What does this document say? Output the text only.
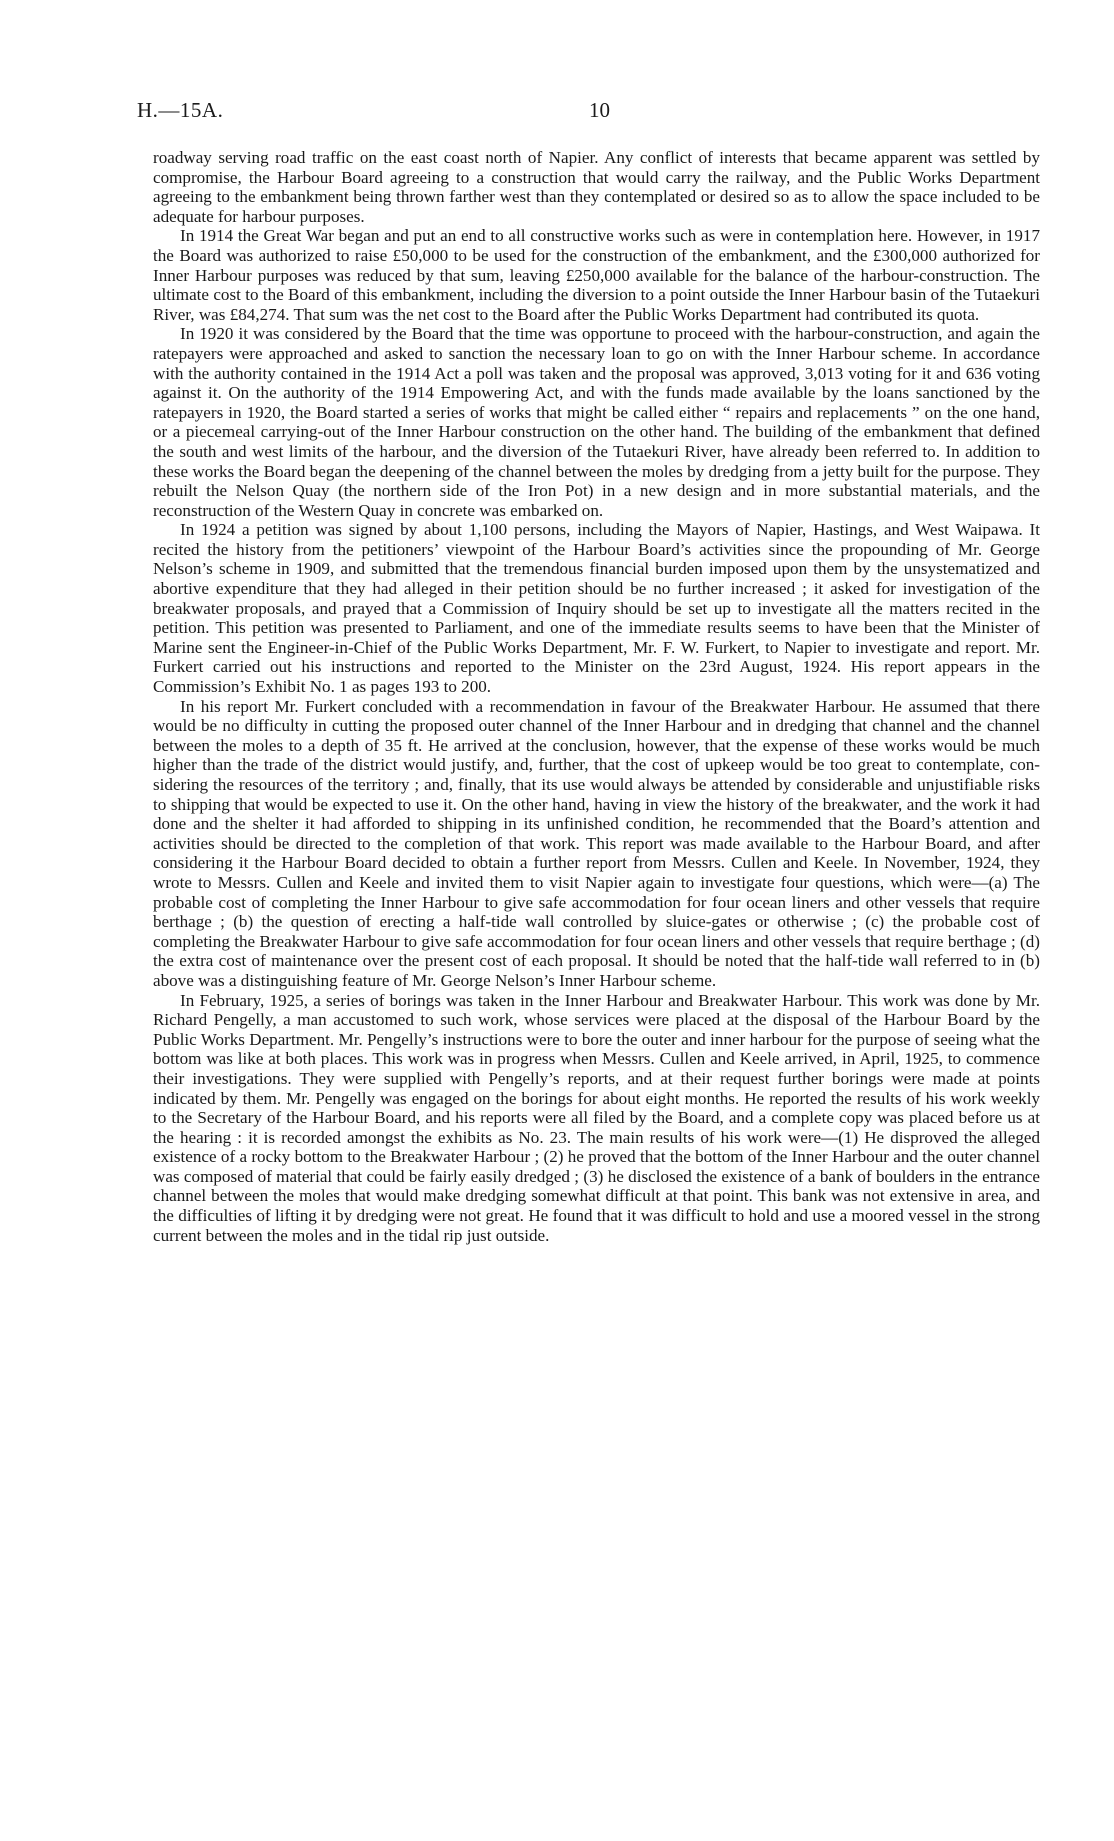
H.—15A.	10

roadway serving road traffic on the east coast north of Napier. Any conflict of interests that became apparent was settled by compromise, the Harbour Board agreeing to a construction that would carry the railway, and the Public Works Department agreeing to the embankment being thrown farther west than they contemplated or desired so as to allow the space included to be adequate for harbour purposes.

In 1914 the Great War began and put an end to all constructive works such as were in contemplation here. However, in 1917 the Board was authorized to raise £50,000 to be used for the construction of the embankment, and the £300,000 authorized for Inner Harbour purposes was reduced by that sum, leaving £250,000 available for the balance of the harbour-construction. The ultimate cost to the Board of this embankment, including the diversion to a point outside the Inner Harbour basin of the Tutaekuri River, was £84,274. That sum was the net cost to the Board after the Public Works Department had contributed its quota.

In 1920 it was considered by the Board that the time was opportune to proceed with the harbour-construction, and again the ratepayers were approached and asked to sanction the necessary loan to go on with the Inner Harbour scheme. In accordance with the authority contained in the 1914 Act a poll was taken and the proposal was approved, 3,013 voting for it and 636 voting against it. On the authority of the 1914 Empowering Act, and with the funds made available by the loans sanctioned by the ratepayers in 1920, the Board started a series of works that might be called either “ repairs and replacements ” on the one hand, or a piecemeal carrying-out of the Inner Harbour construction on the other hand. The building of the embankment that defined the south and west limits of the harbour, and the diversion of the Tutaekuri River, have already been referred to. In addition to these works the Board began the deepening of the channel between the moles by dredging from a jetty built for the purpose. They rebuilt the Nelson Quay (the northern side of the Iron Pot) in a new design and in more substantial materials, and the reconstruction of the Western Quay in concrete was embarked on.

In 1924 a petition was signed by about 1,100 persons, including the Mayors of Napier, Hastings, and West Waipawa. It recited the history from the petitioners’ viewpoint of the Harbour Board’s activities since the propounding of Mr. George Nelson’s scheme in 1909, and submitted that the tremendous financial burden imposed upon them by the unsystematized and abortive expenditure that they had alleged in their petition should be no further increased ; it asked for investigation of the breakwater proposals, and prayed that a Commission of Inquiry should be set up to investigate all the matters recited in the petition. This petition was presented to Parliament, and one of the immediate results seems to have been that the Minister of Marine sent the Engineer-in-Chief of the Public Works Department, Mr. F. W. Furkert, to Napier to investigate and report. Mr. Furkert carried out his instructions and reported to the Minister on the 23rd August, 1924. His report appears in the Commission’s Exhibit No. 1 as pages 193 to 200.

In his report Mr. Furkert concluded with a recommendation in favour of the Breakwater Harbour. He assumed that there would be no difficulty in cutting the proposed outer channel of the Inner Harbour and in dredging that channel and the channel between the moles to a depth of 35 ft. He arrived at the conclusion, however, that the expense of these works would be much higher than the trade of the district would justify, and, further, that the cost of upkeep would be too great to contemplate, considering the resources of the territory ; and, finally, that its use would always be attended by considerable and unjustifiable risks to shipping that would be expected to use it. On the other hand, having in view the history of the breakwater, and the work it had done and the shelter it had afforded to shipping in its unfinished condition, he recommended that the Board’s attention and activities should be directed to the completion of that work. This report was made available to the Harbour Board, and after considering it the Harbour Board decided to obtain a further report from Messrs. Cullen and Keele. In November, 1924, they wrote to Messrs. Cullen and Keele and invited them to visit Napier again to investigate four questions, which were—(a) The probable cost of completing the Inner Harbour to give safe accommodation for four ocean liners and other vessels that require berthage ; (b) the question of erecting a half-tide wall controlled by sluice-gates or otherwise ; (c) the probable cost of completing the Breakwater Harbour to give safe accommodation for four ocean liners and other vessels that require berthage ; (d) the extra cost of maintenance over the present cost of each proposal. It should be noted that the half-tide wall referred to in (b) above was a distinguishing feature of Mr. George Nelson’s Inner Harbour scheme.

In February, 1925, a series of borings was taken in the Inner Harbour and Breakwater Harbour. This work was done by Mr. Richard Pengelly, a man accustomed to such work, whose services were placed at the disposal of the Harbour Board by the Public Works Department. Mr. Pengelly’s instructions were to bore the outer and inner harbour for the purpose of seeing what the bottom was like at both places. This work was in progress when Messrs. Cullen and Keele arrived, in April, 1925, to commence their investigations. They were supplied with Pengelly’s reports, and at their request further borings were made at points indicated by them. Mr. Pengelly was engaged on the borings for about eight months. He reported the results of his work weekly to the Secretary of the Harbour Board, and his reports were all filed by the Board, and a complete copy was placed before us at the hearing : it is recorded amongst the exhibits as No. 23. The main results of his work were—(1) He disproved the alleged existence of a rocky bottom to the Breakwater Harbour ; (2) he proved that the bottom of the Inner Harbour and the outer channel was composed of material that could be fairly easily dredged ; (3) he disclosed the existence of a bank of boulders in the entrance channel between the moles that would make dredging somewhat difficult at that point. This bank was not extensive in area, and the difficulties of lifting it by dredging were not great. He found that it was difficult to hold and use a moored vessel in the strong current between the moles and in the tidal rip just outside.
